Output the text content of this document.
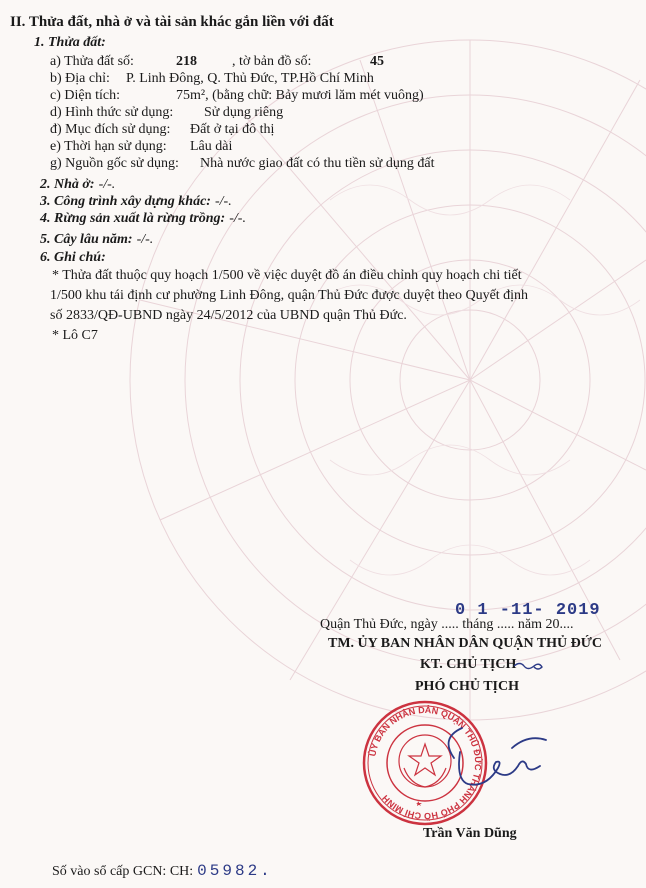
II. Thửa đất, nhà ở và tài sản khác gắn liền với đất
1. Thửa đất:
a) Thửa đất số:	218	, tờ bản đồ số:	45
b) Địa chỉ: P. Linh Đông, Q. Thủ Đức, TP.Hồ Chí Minh
c) Diện tích:	75m², (bằng chữ: Bảy mươi lăm mét vuông)
d) Hình thức sử dụng: Sử dụng riêng
đ) Mục đích sử dụng: Đất ở tại đô thị
e) Thời hạn sử dụng: Lâu dài
g) Nguồn gốc sử dụng: Nhà nước giao đất có thu tiền sử dụng đất
2. Nhà ở: -/-.
3. Công trình xây dựng khác: -/-.
4. Rừng sản xuất là rừng trồng: -/-.
5. Cây lâu năm: -/-.
6. Ghi chú:
* Thửa đất thuộc quy hoạch 1/500 về việc duyệt đồ án điều chỉnh quy hoạch chi tiết
1/500 khu tái định cư phường Linh Đông, quận Thủ Đức được duyệt theo Quyết định
số 2833/QĐ-UBND ngày 24/5/2012 của UBND quận Thủ Đức.
* Lô C7
0 1 -11- 2019
Quận Thủ Đức, ngày ..... tháng ..... năm 20....
TM. ỦY BAN NHÂN DÂN QUẬN THỦ ĐỨC
KT. CHỦ TỊCH
PHÓ CHỦ TỊCH
ỦY BAN NHÂN DÂN QUẬN THỦ ĐỨC THÀNH PHỐ HỒ CHÍ MINH
Trần Văn Dũng
Số vào sổ cấp GCN: CH: 05982.
